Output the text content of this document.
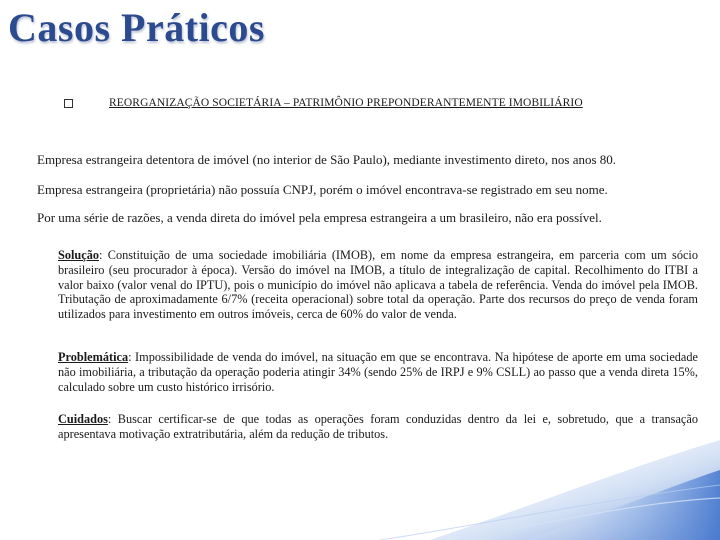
Casos Práticos
REORGANIZAÇÃO SOCIETÁRIA – PATRIMÔNIO PREPONDERANTEMENTE IMOBILIÁRIO

Empresa estrangeira detentora de imóvel (no interior de São Paulo), mediante investimento direto, nos anos 80.

Empresa estrangeira (proprietária) não possuía CNPJ, porém o imóvel encontrava-se registrado em seu nome.

Por uma série de razões, a venda direta do imóvel pela empresa estrangeira a um brasileiro, não era possível.

Solução: Constituição de uma sociedade imobiliária (IMOB), em nome da empresa estrangeira, em parceria com um sócio brasileiro (seu procurador à época). Versão do imóvel na IMOB, a título de integralização de capital. Recolhimento do ITBI a valor baixo (valor venal do IPTU), pois o município do imóvel não aplicava a tabela de referência. Venda do imóvel pela IMOB. Tributação de aproximadamente 6/7% (receita operacional) sobre total da operação. Parte dos recursos do preço de venda foram utilizados para investimento em outros imóveis, cerca de 60% do valor de venda.

Problemática: Impossibilidade de venda do imóvel, na situação em que se encontrava. Na hipótese de aporte em uma sociedade não imobiliária, a tributação da operação poderia atingir 34% (sendo 25% de IRPJ e 9% CSLL) ao passo que a venda direta 15%, calculado sobre um custo histórico irrisório.

Cuidados: Buscar certificar-se de que todas as operações foram conduzidas dentro da lei e, sobretudo, que a transação apresentava motivação extratributária, além da redução de tributos.
